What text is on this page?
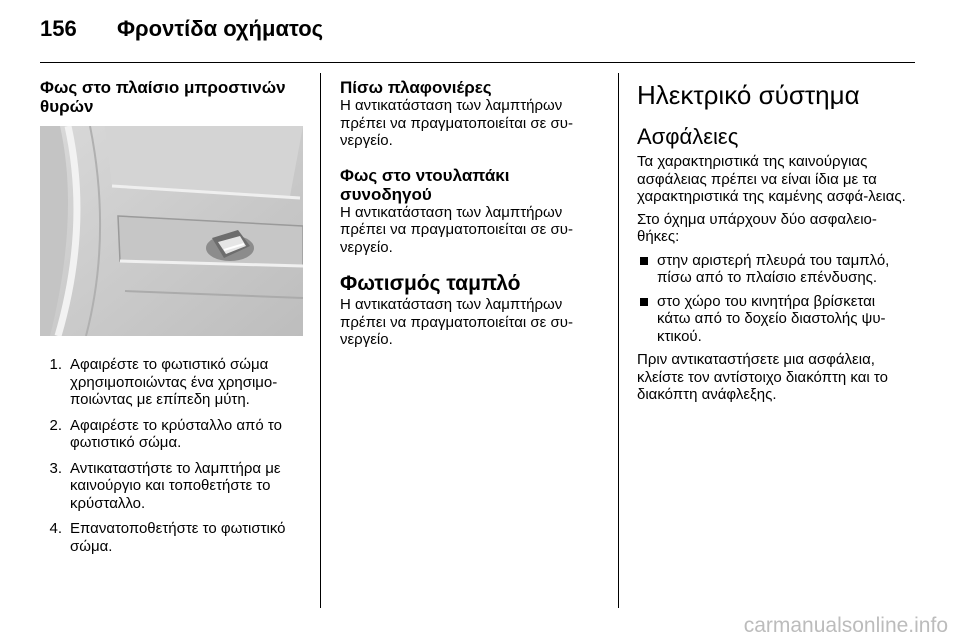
156 Φροντίδα οχήματος
Φως στο πλαίσιο μπροστινών θυρών
1. Αφαιρέστε το φωτιστικό σώμα χρησιμοποιώντας ένα χρησιμο-ποιώντας με επίπεδη μύτη.
2. Αφαιρέστε το κρύσταλλο από το φωτιστικό σώμα.
3. Αντικαταστήστε το λαμπτήρα με καινούργιο και τοποθετήστε το κρύσταλλο.
4. Επανατοποθετήστε το φωτιστικό σώμα.
Πίσω πλαφονιέρες

Η αντικατάσταση των λαμπτήρων πρέπει να πραγματοποιείται σε συ-νεργείο.

Φως στο ντουλαπάκι συνοδηγού

Η αντικατάσταση των λαμπτήρων πρέπει να πραγματοποιείται σε συ-νεργείο.

Φωτισμός ταμπλό

Η αντικατάσταση των λαμπτήρων πρέπει να πραγματοποιείται σε συ-νεργείο.

Ηλεκτρικό σύστημα
Ασφάλειες

Τα χαρακτηριστικά της καινούργιας ασφάλειας πρέπει να είναι ίδια με τα χαρακτηριστικά της καμένης ασφά-λειας.

Στο όχημα υπάρχουν δύο ασφαλειο-θήκες:

στην αριστερή πλευρά του ταμπλό, πίσω από το πλαίσιο επένδυσης.
στο χώρο του κινητήρα βρίσκεται κάτω από το δοχείο διαστολής ψυ-κτικού.

Πριν αντικαταστήσετε μια ασφάλεια, κλείστε τον αντίστοιχο διακόπτη και το διακόπτη ανάφλεξης.

carmanualsonline.info
